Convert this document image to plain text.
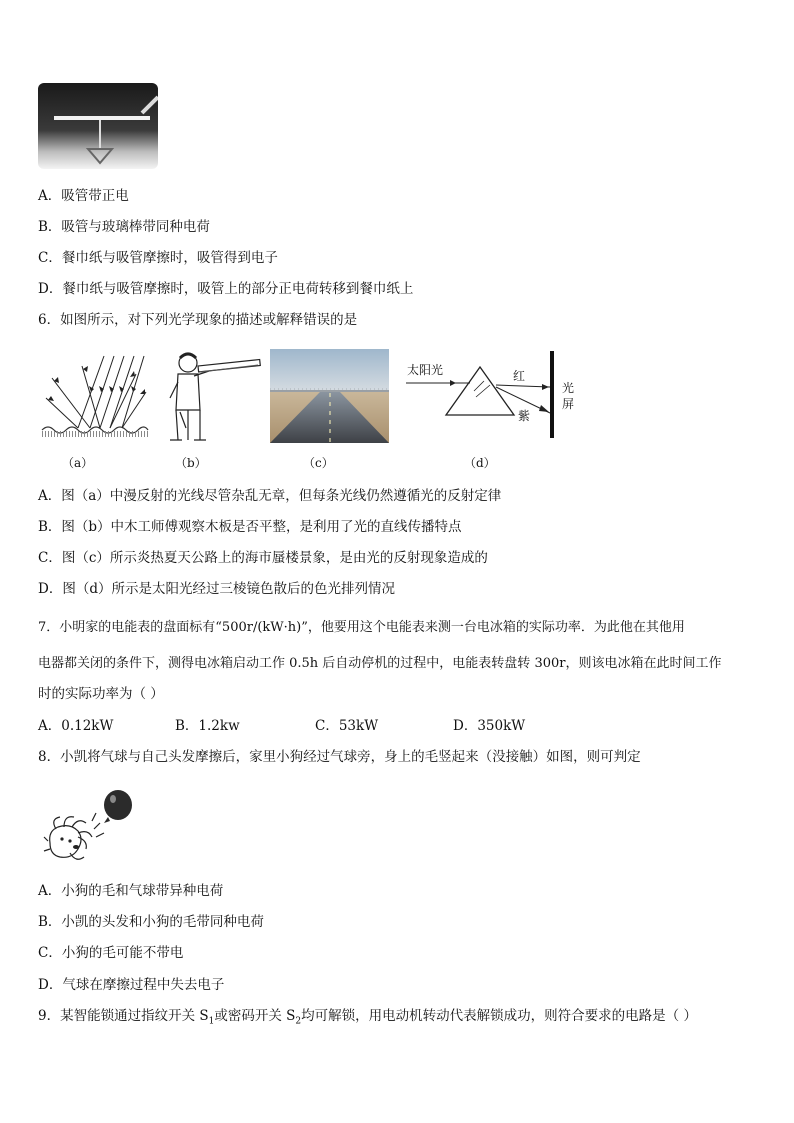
A．吸管带正电
B．吸管与玻璃棒带同种电荷
C．餐巾纸与吸管摩擦时，吸管得到电子
D．餐巾纸与吸管摩擦时，吸管上的部分正电荷转移到餐巾纸上
6．如图所示，对下列光学现象的描述或解释错误的是
太阳光	红
紫
光
屏
（a）	（b）	（c）	（d）
A．图（a）中漫反射的光线尽管杂乱无章，但每条光线仍然遵循光的反射定律
B．图（b）中木工师傅观察木板是否平整，是利用了光的直线传播特点
C．图（c）所示炎热夏天公路上的海市蜃楼景象，是由光的反射现象造成的
D．图（d）所示是太阳光经过三棱镜色散后的色光排列情况
7．小明家的电能表的盘面标有“500r/(kW·h)”，他要用这个电能表来测一台电冰箱的实际功率．为此他在其他用
电器都关闭的条件下，测得电冰箱启动工作 0.5h 后自动停机的过程中，电能表转盘转 300r，则该电冰箱在此时间工作
时的实际功率为（ ）
A．0.12kW	B．1.2kw	C．53kW	D．350kW
8．小凯将气球与自己头发摩擦后，家里小狗经过气球旁，身上的毛竖起来（没接触）如图，则可判定
A．小狗的毛和气球带异种电荷
B．小凯的头发和小狗的毛带同种电荷
C．小狗的毛可能不带电
D．气球在摩擦过程中失去电子
9．某智能锁通过指纹开关 $S_1$或密码开关 $S_2$均可解锁，用电动机转动代表解锁成功，则符合要求的电路是（ ）
